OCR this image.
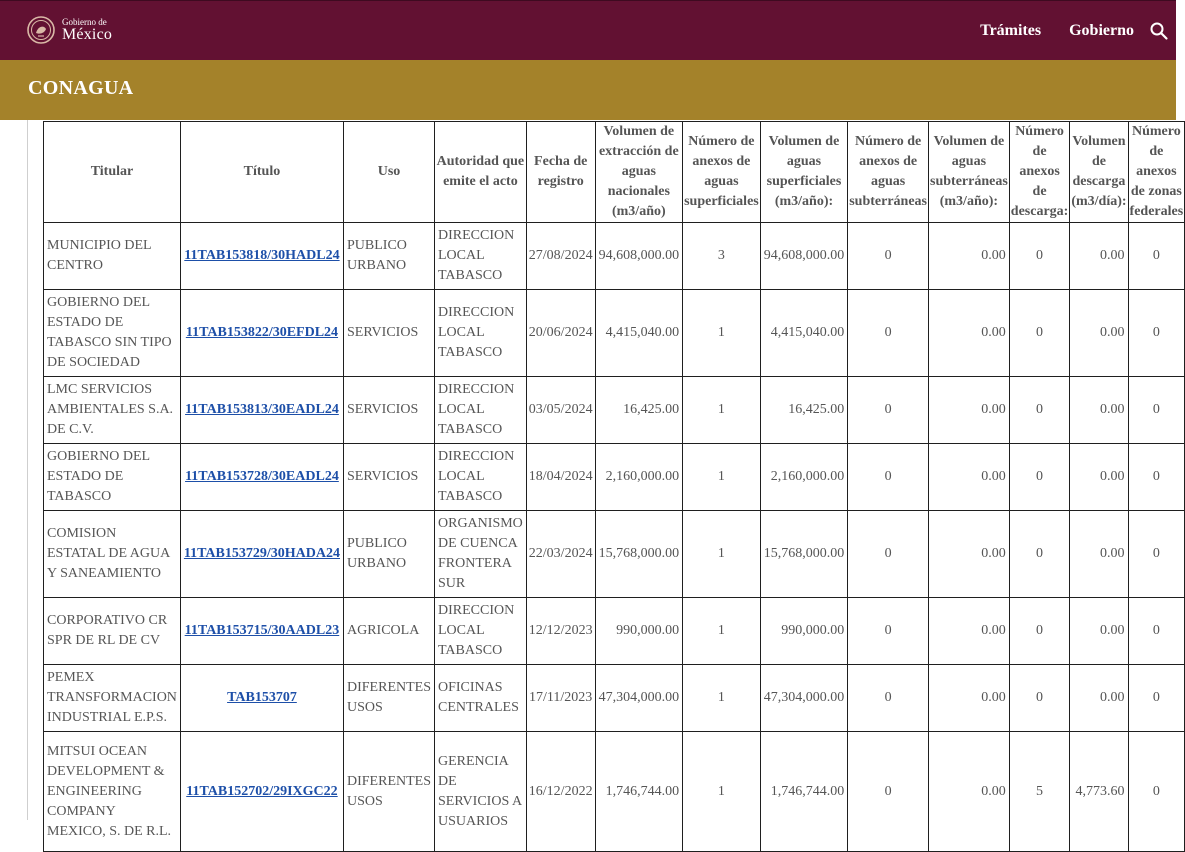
Gobierno de
México	Trámites Gobierno
CONAGUA
Titular	Título	Uso	Autoridad que emite el acto	Fecha de registro	Volumen de extracción de aguas nacionales (m3/año)	Número de anexos de aguas superficiales	Volumen de aguas superficiales (m3/año):	Número de anexos de aguas subterráneas	Volumen de aguas subterráneas (m3/año):	Número de anexos de descarga:	Volumen de descarga (m3/día):	Número de anexos de zonas federales
MUNICIPIO DEL CENTRO	11TAB153818/30HADL24	PUBLICO URBANO	DIRECCION LOCAL TABASCO	27/08/2024	94,608,000.00	3	94,608,000.00	0	0.00	0	0.00	0
GOBIERNO DEL ESTADO DE TABASCO SIN TIPO DE SOCIEDAD	11TAB153822/30EFDL24	SERVICIOS	DIRECCION LOCAL TABASCO	20/06/2024	4,415,040.00	1	4,415,040.00	0	0.00	0	0.00	0
LMC SERVICIOS AMBIENTALES S.A. DE C.V.	11TAB153813/30EADL24	SERVICIOS	DIRECCION LOCAL TABASCO	03/05/2024	16,425.00	1	16,425.00	0	0.00	0	0.00	0
GOBIERNO DEL ESTADO DE TABASCO	11TAB153728/30EADL24	SERVICIOS	DIRECCION LOCAL TABASCO	18/04/2024	2,160,000.00	1	2,160,000.00	0	0.00	0	0.00	0
COMISION ESTATAL DE AGUA Y SANEAMIENTO	11TAB153729/30HADA24	PUBLICO URBANO	ORGANISMO DE CUENCA FRONTERA SUR	22/03/2024	15,768,000.00	1	15,768,000.00	0	0.00	0	0.00	0
CORPORATIVO CR SPR DE RL DE CV	11TAB153715/30AADL23	AGRICOLA	DIRECCION LOCAL TABASCO	12/12/2023	990,000.00	1	990,000.00	0	0.00	0	0.00	0
PEMEX TRANSFORMACION INDUSTRIAL E.P.S.	TAB153707	DIFERENTES USOS	OFICINAS CENTRALES	17/11/2023	47,304,000.00	1	47,304,000.00	0	0.00	0	0.00	0
MITSUI OCEAN DEVELOPMENT & ENGINEERING COMPANY MEXICO, S. DE R.L.	11TAB152702/29IXGC22	DIFERENTES USOS	GERENCIA DE SERVICIOS A USUARIOS	16/12/2022	1,746,744.00	1	1,746,744.00	0	0.00	5	4,773.60	0
